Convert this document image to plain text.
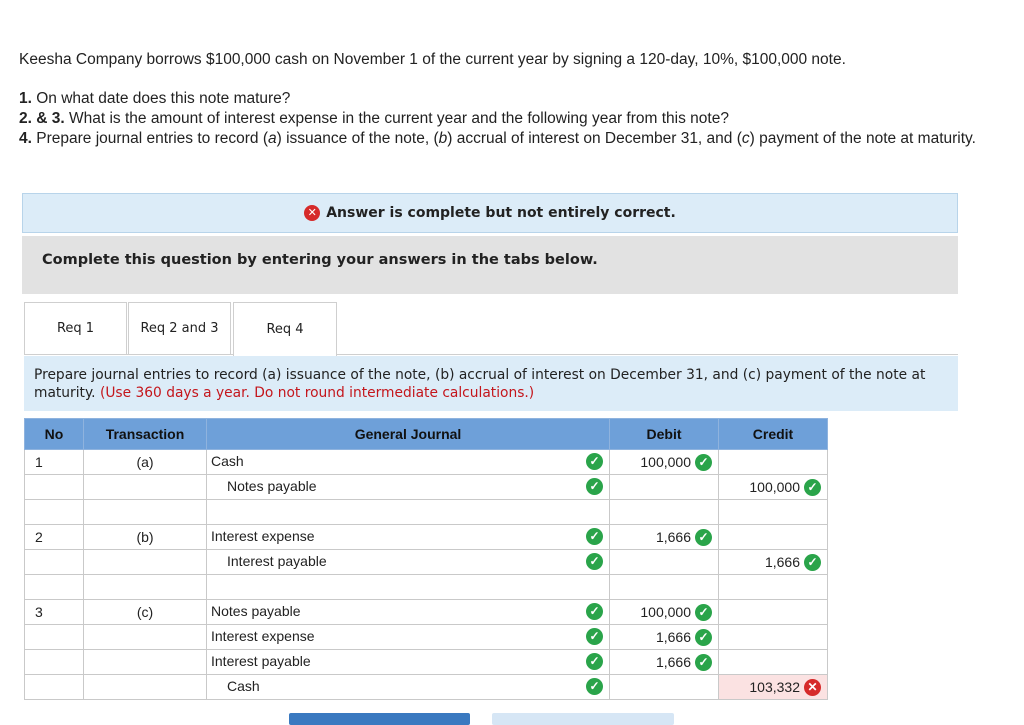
Keesha Company borrows $100,000 cash on November 1 of the current year by signing a 120-day, 10%, $100,000 note.

1. On what date does this note mature?

2. & 3. What is the amount of interest expense in the current year and the following year from this note?

4. Prepare journal entries to record (a) issuance of the note, (b) accrual of interest on December 31, and (c) payment of the note at maturity.

✕ Answer is complete but not entirely correct.
Complete this question by entering your answers in the tabs below.
Req 1	Req 2 and 3	Req 4
Prepare journal entries to record (a) issuance of the note, (b) accrual of interest on December 31, and (c) payment of the note at maturity. (Use 360 days a year. Do not round intermediate calculations.)
No	Transaction	General Journal	Debit	Credit
1	(a)	Cash ✓	100,000 ✓	

		Notes payable ✓		100,000 ✓

2	(b)	Interest expense ✓	1,666 ✓	

		Interest payable ✓		1,666 ✓

3	(c)	Notes payable ✓	100,000 ✓	

		Interest expense ✓	1,666 ✓	

		Interest payable ✓	1,666 ✓	

		Cash ✓		103,332 ✕
